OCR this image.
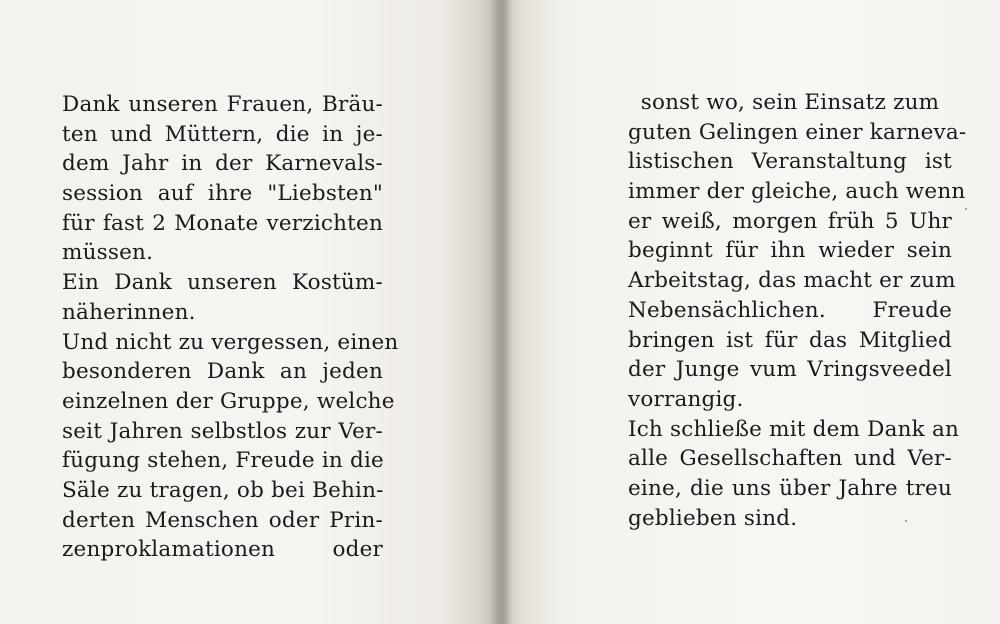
Dank unseren Frauen, Bräu-
ten und Müttern, die in je-
dem Jahr in der Karnevals-
session auf ihre "Liebsten"
für fast 2 Monate verzichten
müssen.
Ein Dank unseren Kostüm-
näherinnen.
Und nicht zu vergessen, einen
besonderen Dank an jeden
einzelnen der Gruppe, welche
seit Jahren selbstlos zur Ver-
fügung stehen, Freude in die
Säle zu tragen, ob bei Behin-
derten Menschen oder Prin-
zenproklamationen oder
sonst wo, sein Einsatz zum
guten Gelingen einer karneva-
listischen Veranstaltung ist
immer der gleiche, auch wenn
er weiß, morgen früh 5 Uhr
beginnt für ihn wieder sein
Arbeitstag, das macht er zum
Nebensächlichen. Freude
bringen ist für das Mitglied
der Junge vum Vringsveedel
vorrangig.
Ich schließe mit dem Dank an
alle Gesellschaften und Ver-
eine, die uns über Jahre treu
geblieben sind.
